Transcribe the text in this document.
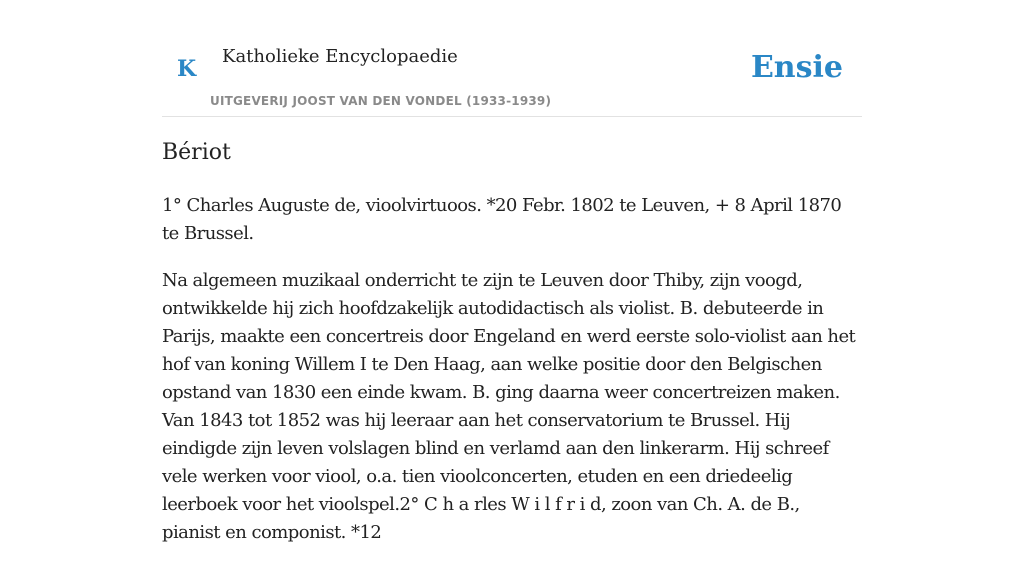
K Katholieke Encyclopaedie
UITGEVERIJ JOOST VAN DEN VONDEL (1933-1939)
Ensie
Bériot

1° Charles Auguste de, vioolvirtuoos. *20 Febr. 1802 te Leuven, + 8 April 1870 te Brussel.

Na algemeen muzikaal onderricht te zijn te Leuven door Thiby, zijn voogd, ontwikkelde hij zich hoofdzakelijk autodidactisch als violist. B. debuteerde in Parijs, maakte een concertreis door Engeland en werd eerste solo-violist aan het hof van koning Willem I te Den Haag, aan welke positie door den Belgischen opstand van 1830 een einde kwam. B. ging daarna weer concertreizen maken. Van 1843 tot 1852 was hij leeraar aan het conservatorium te Brussel. Hij eindigde zijn leven volslagen blind en verlamd aan den linkerarm. Hij schreef vele werken voor viool, o.a. tien vioolconcerten, etuden en een driedeelig leerboek voor het vioolspel.2° C h a rles W i l f r i d, zoon van Ch. A. de B., pianist en componist. *12
